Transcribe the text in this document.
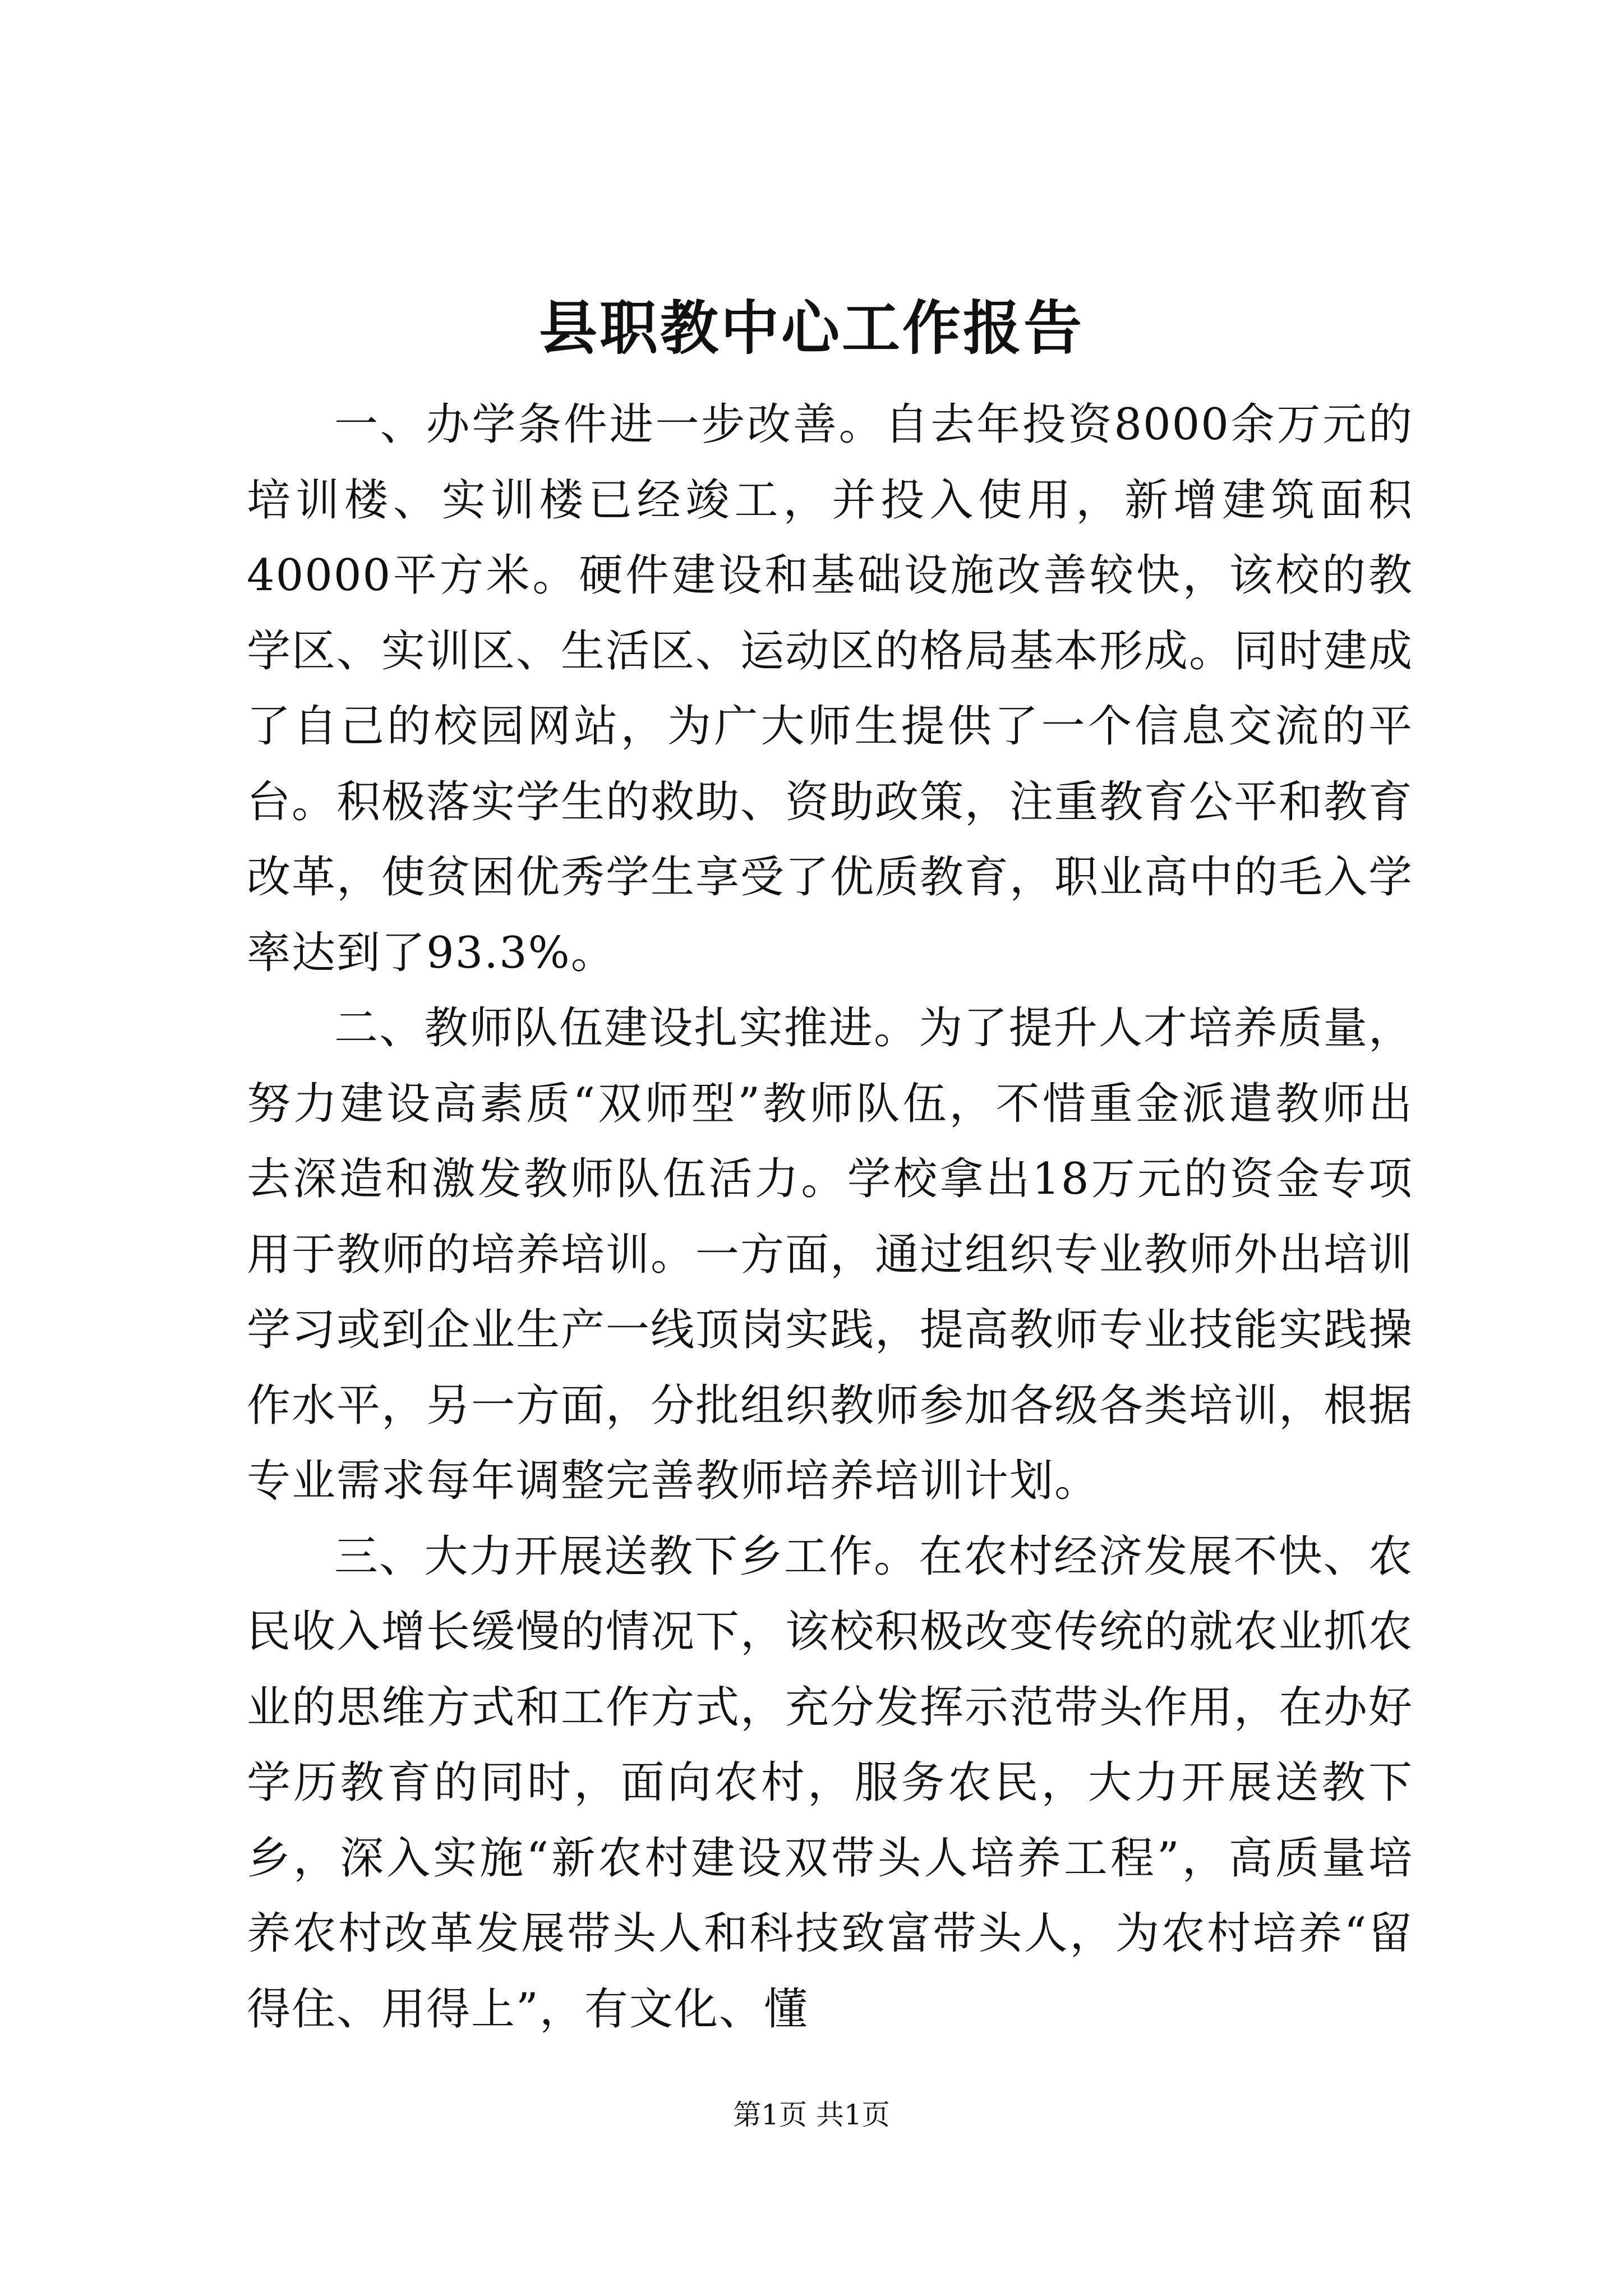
县职教中心工作报告

一、办学条件进一步改善。自去年投资8000余万元的培训楼、实训楼已经竣工，并投入使用，新增建筑面积40000平方米。硬件建设和基础设施改善较快，该校的教学区、实训区、生活区、运动区的格局基本形成。同时建成了自己的校园网站，为广大师生提供了一个信息交流的平台。积极落实学生的救助、资助政策，注重教育公平和教育改革，使贫困优秀学生享受了优质教育，职业高中的毛入学率达到了93.3%。

二、教师队伍建设扎实推进。为了提升人才培养质量，努力建设高素质“双师型”教师队伍，不惜重金派遣教师出去深造和激发教师队伍活力。学校拿出18万元的资金专项用于教师的培养培训。一方面，通过组织专业教师外出培训学习或到企业生产一线顶岗实践，提高教师专业技能实践操作水平，另一方面，分批组织教师参加各级各类培训，根据专业需求每年调整完善教师培养培训计划。

三、大力开展送教下乡工作。在农村经济发展不快、农民收入增长缓慢的情况下，该校积极改变传统的就农业抓农业的思维方式和工作方式，充分发挥示范带头作用，在办好学历教育的同时，面向农村，服务农民，大力开展送教下乡，深入实施“新农村建设双带头人培养工程”，高质量培养农村改革发展带头人和科技致富带头人，为农村培养“留得住、用得上”，有文化、懂

第1页 共1页
